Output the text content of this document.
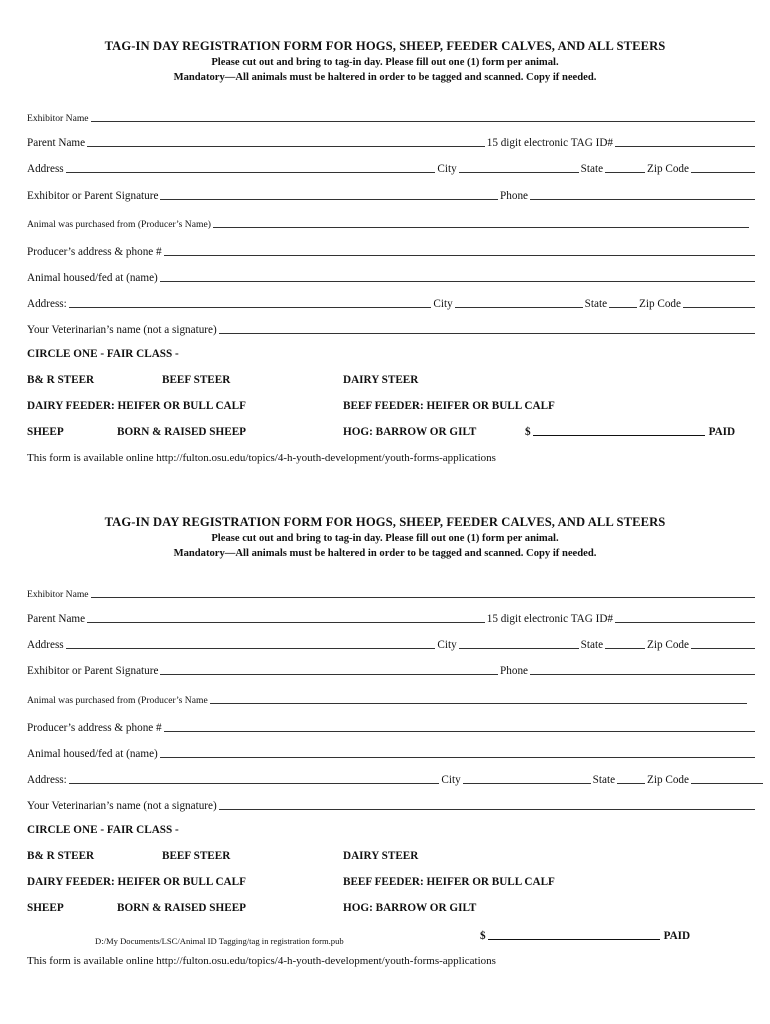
TAG-IN DAY REGISTRATION FORM FOR HOGS, SHEEP, FEEDER CALVES, AND ALL STEERS
Please cut out and bring to tag-in day. Please fill out one (1) form per animal.
Mandatory—All animals must be haltered in order to be tagged and scanned. Copy if needed.
Exhibitor Name
Parent Name	15 digit electronic TAG ID#
Address	City	State	Zip Code
Exhibitor or Parent Signature	Phone
Animal was purchased from (Producer’s Name)
Producer’s address & phone #
Animal housed/fed at (name)
Address:	City	State	Zip Code
Your Veterinarian’s name (not a signature)
CIRCLE ONE - FAIR CLASS -
B& R STEER	BEEF STEER	DAIRY STEER
DAIRY FEEDER: HEIFER OR BULL CALF	BEEF FEEDER: HEIFER OR BULL CALF
SHEEP	BORN & RAISED SHEEP	HOG: BARROW OR GILT	$	PAID
This form is available online http://fulton.osu.edu/topics/4-h-youth-development/youth-forms-applications
TAG-IN DAY REGISTRATION FORM FOR HOGS, SHEEP, FEEDER CALVES, AND ALL STEERS
Please cut out and bring to tag-in day. Please fill out one (1) form per animal.
Mandatory—All animals must be haltered in order to be tagged and scanned. Copy if needed.
Exhibitor Name
Parent Name	15 digit electronic TAG ID#
Address	City	State	Zip Code
Exhibitor or Parent Signature	Phone
Animal was purchased from (Producer’s Name
Producer’s address & phone #
Animal housed/fed at (name)
Address:	City	State	Zip Code
Your Veterinarian’s name (not a signature)
CIRCLE ONE - FAIR CLASS -
B& R STEER	BEEF STEER	DAIRY STEER
DAIRY FEEDER: HEIFER OR BULL CALF	BEEF FEEDER: HEIFER OR BULL CALF
SHEEP	BORN & RAISED SHEEP	HOG: BARROW OR GILT
D:/My Documents/LSC/Animal ID Tagging/tag in registration form.pub	$	PAID
This form is available online http://fulton.osu.edu/topics/4-h-youth-development/youth-forms-applications
